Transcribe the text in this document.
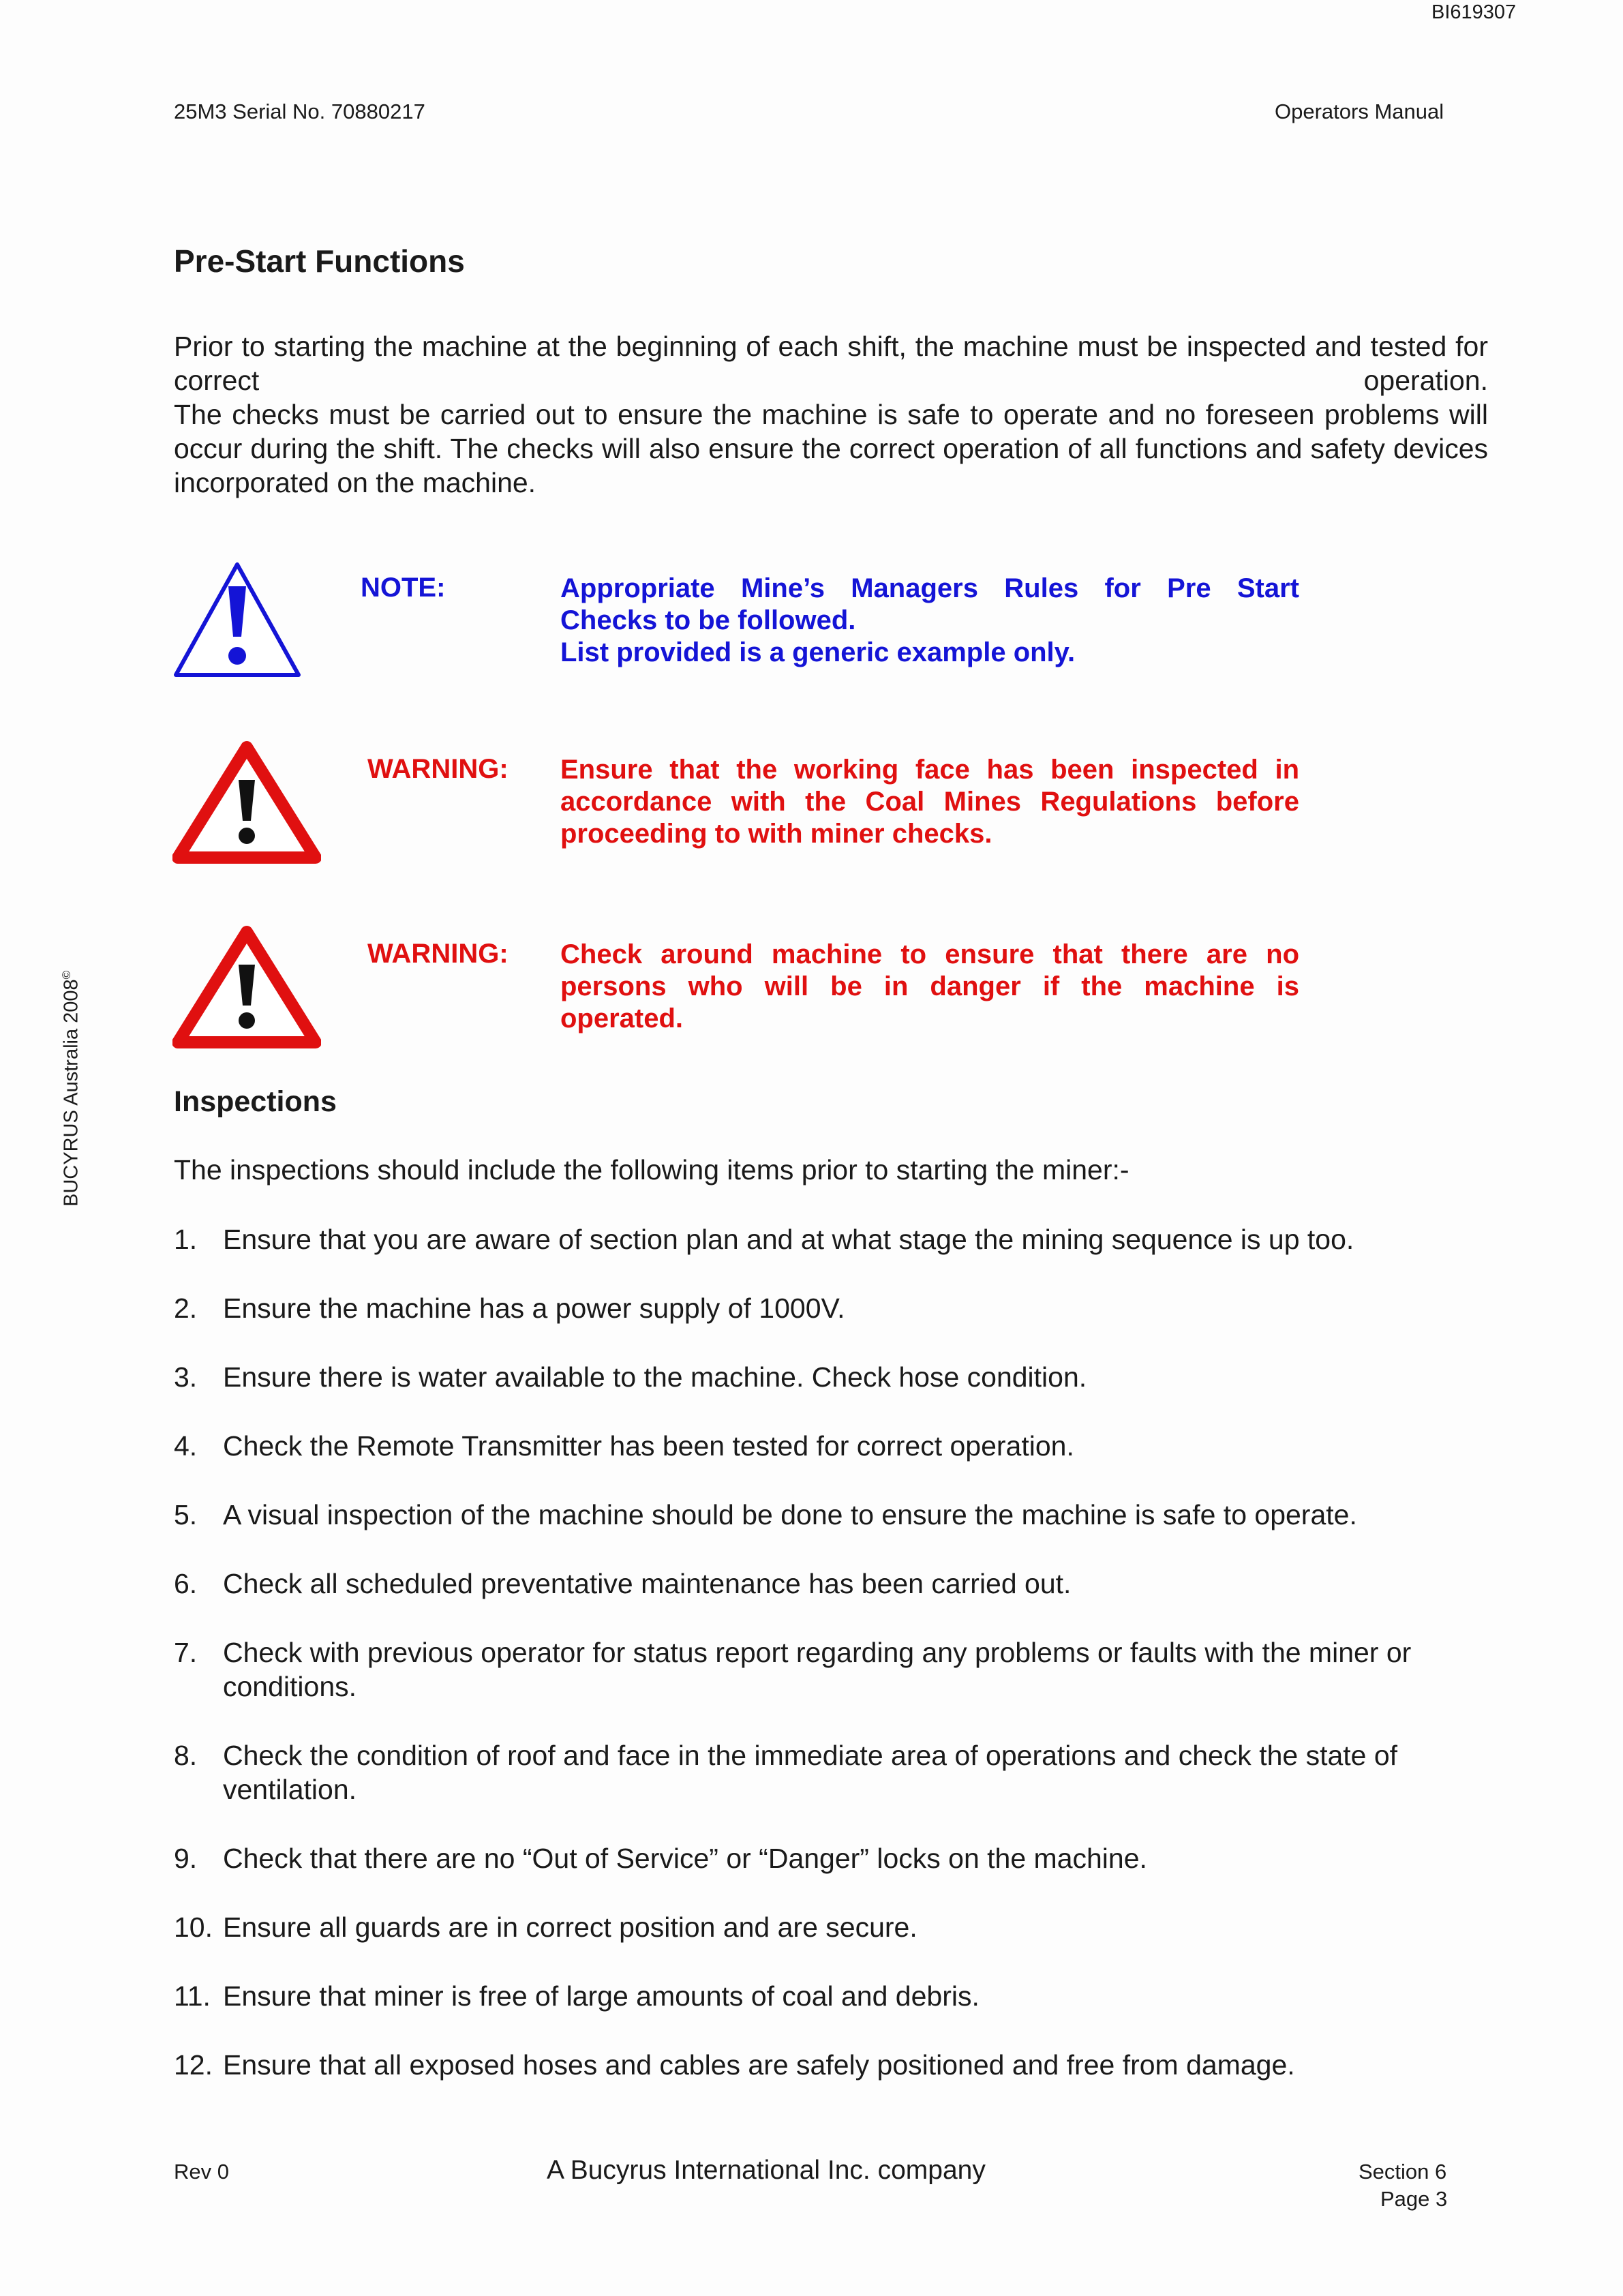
BI619307
25M3 Serial No. 70880217	Operators Manual
BUCYRUS Australia 2008©
Pre-Start Functions

Prior to starting the machine at the beginning of each shift, the machine must be inspected and tested for correct operation.

The checks must be carried out to ensure the machine is safe to operate and no foreseen problems will occur during the shift. The checks will also ensure the correct operation of all functions and safety devices incorporated on the machine.

NOTE:	Appropriate Mine’s Managers Rules for Pre Start
Checks to be followed.
List provided is a generic example only.
WARNING: Ensure that the working face has been inspected in
accordance with the Coal Mines Regulations before
proceeding to with miner checks.
WARNING: Check around machine to ensure that there are no
persons who will be in danger if the machine is
operated.
Inspections
The inspections should include the following items prior to starting the miner:-
1. Ensure that you are aware of section plan and at what stage the mining sequence is up too.
2. Ensure the machine has a power supply of 1000V.
3. Ensure there is water available to the machine. Check hose condition.
4. Check the Remote Transmitter has been tested for correct operation.
5. A visual inspection of the machine should be done to ensure the machine is safe to operate.
6. Check all scheduled preventative maintenance has been carried out.
7. Check with previous operator for status report regarding any problems or faults with the miner or conditions.
8. Check the condition of roof and face in the immediate area of operations and check the state of ventilation.
9. Check that there are no “Out of Service” or “Danger” locks on the machine.
10. Ensure all guards are in correct position and are secure.
11. Ensure that miner is free of large amounts of coal and debris.
12. Ensure that all exposed hoses and cables are safely positioned and free from damage.
Rev 0	A Bucyrus International Inc. company	Section 6
Page 3
